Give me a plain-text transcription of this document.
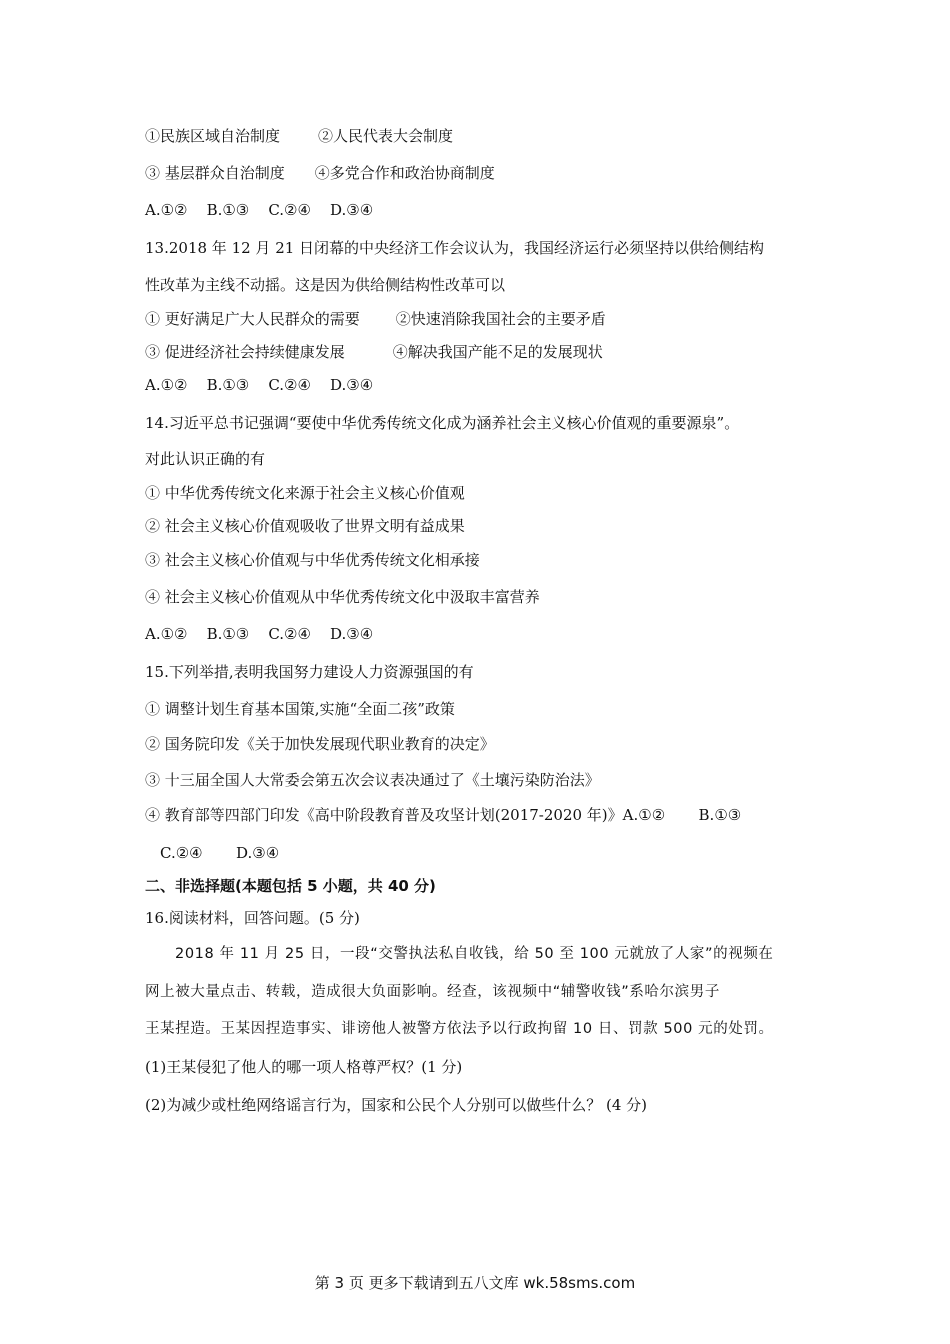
①民族区域自治制度	②人民代表大会制度
③ 基层群众自治制度 ④多党合作和政治协商制度
A.①②    B.①③    C.②④    D.③④
13.2018 年 12 月 21 日闭幕的中央经济工作会议认为，我国经济运行必须坚持以供给侧结构
性改革为主线不动摇。这是因为供给侧结构性改革可以
① 更好满足广大人民群众的需要 ②快速消除我国社会的主要矛盾
③ 促进经济社会持续健康发展	④解决我国产能不足的发展现状
A.①②    B.①③    C.②④    D.③④
14.习近平总书记强调“要使中华优秀传统文化成为涵养社会主义核心价值观的重要源泉”。
对此认识正确的有
① 中华优秀传统文化来源于社会主义核心价值观
② 社会主义核心价值观吸收了世界文明有益成果
③ 社会主义核心价值观与中华优秀传统文化相承接
④ 社会主义核心价值观从中华优秀传统文化中汲取丰富营养
A.①②    B.①③    C.②④    D.③④
15.下列举措,表明我国努力建设人力资源强国的有
① 调整计划生育基本国策,实施“全面二孩”政策
② 国务院印发《关于加快发展现代职业教育的决定》
③ 十三届全国人大常委会第五次会议表决通过了《土壤污染防治法》
④ 教育部等四部门印发《高中阶段教育普及攻坚计划(2017-2020 年)》A.①②       B.①③
C.②④       D.③④
二、非选择题(本题包括 5 小题，共 40 分)
16.阅读材料，回答问题。(5 分)
2018 年 11 月 25 日，一段“交警执法私自收钱，给 50 至 100 元就放了人家”的视频在
网上被大量点击、转载，造成很大负面影响。经查，该视频中“辅警收钱”系哈尔滨男子
王某捏造。王某因捏造事实、诽谤他人被警方依法予以行政拘留 10 日、罚款 500 元的处罚。
(1)王某侵犯了他人的哪一项人格尊严权？(1 分)
(2)为减少或杜绝网络谣言行为，国家和公民个人分别可以做些什么？ (4 分)
第 3 页 更多下载请到五八文库 wk.58sms.com
